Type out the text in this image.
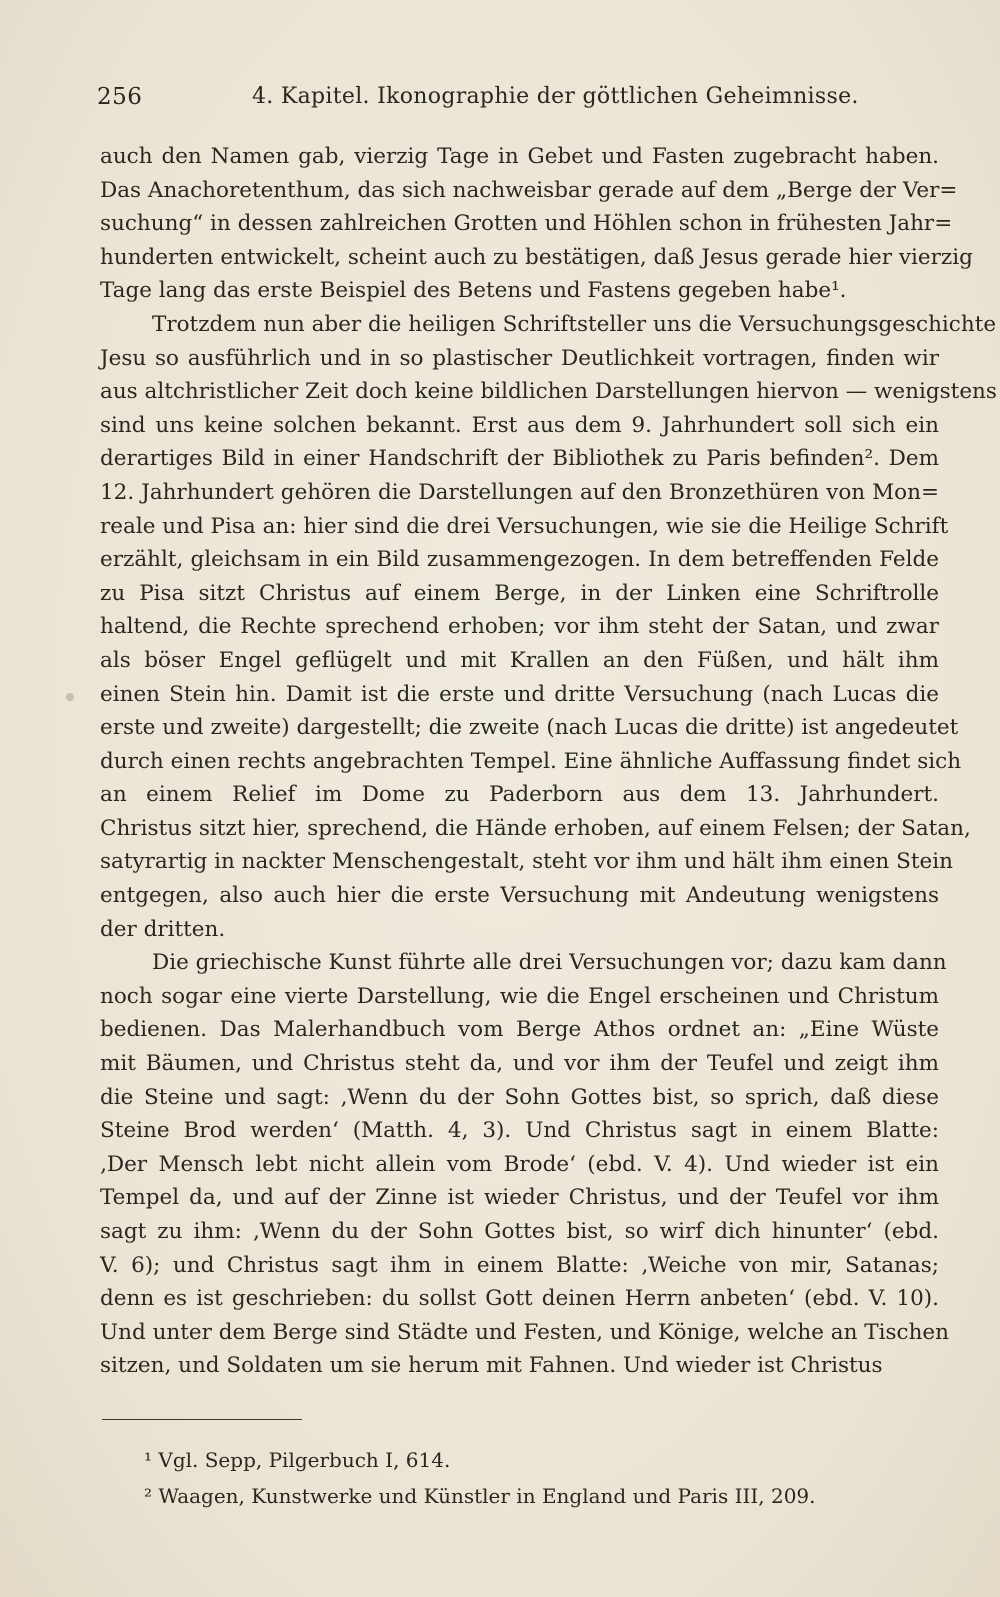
256	4. Kapitel. Ikonographie der göttlichen Geheimnisse.

auch den Namen gab, vierzig Tage in Gebet und Fasten zugebracht haben.
Das Anachoretenthum, das sich nachweisbar gerade auf dem „Berge der Ver=
suchung“ in dessen zahlreichen Grotten und Höhlen schon in frühesten Jahr=
hunderten entwickelt, scheint auch zu bestätigen, daß Jesus gerade hier vierzig
Tage lang das erste Beispiel des Betens und Fastens gegeben habe¹.

Trotzdem nun aber die heiligen Schriftsteller uns die Versuchungsgeschichte
Jesu so ausführlich und in so plastischer Deutlichkeit vortragen, finden wir
aus altchristlicher Zeit doch keine bildlichen Darstellungen hiervon — wenigstens
sind uns keine solchen bekannt. Erst aus dem 9. Jahrhundert soll sich ein
derartiges Bild in einer Handschrift der Bibliothek zu Paris befinden². Dem
12. Jahrhundert gehören die Darstellungen auf den Bronzethüren von Mon=
reale und Pisa an: hier sind die drei Versuchungen, wie sie die Heilige Schrift
erzählt, gleichsam in ein Bild zusammengezogen. In dem betreffenden Felde
zu Pisa sitzt Christus auf einem Berge, in der Linken eine Schriftrolle
haltend, die Rechte sprechend erhoben; vor ihm steht der Satan, und zwar
als böser Engel geflügelt und mit Krallen an den Füßen, und hält ihm
einen Stein hin. Damit ist die erste und dritte Versuchung (nach Lucas die
erste und zweite) dargestellt; die zweite (nach Lucas die dritte) ist angedeutet
durch einen rechts angebrachten Tempel. Eine ähnliche Auffassung findet sich
an einem Relief im Dome zu Paderborn aus dem 13. Jahrhundert.
Christus sitzt hier, sprechend, die Hände erhoben, auf einem Felsen; der Satan,
satyrartig in nackter Menschengestalt, steht vor ihm und hält ihm einen Stein
entgegen, also auch hier die erste Versuchung mit Andeutung wenigstens
der dritten.

Die griechische Kunst führte alle drei Versuchungen vor; dazu kam dann
noch sogar eine vierte Darstellung, wie die Engel erscheinen und Christum
bedienen. Das Malerhandbuch vom Berge Athos ordnet an: „Eine Wüste
mit Bäumen, und Christus steht da, und vor ihm der Teufel und zeigt ihm
die Steine und sagt: ‚Wenn du der Sohn Gottes bist, so sprich, daß diese
Steine Brod werden‘ (Matth. 4, 3). Und Christus sagt in einem Blatte:
‚Der Mensch lebt nicht allein vom Brode‘ (ebd. V. 4). Und wieder ist ein
Tempel da, und auf der Zinne ist wieder Christus, und der Teufel vor ihm
sagt zu ihm: ‚Wenn du der Sohn Gottes bist, so wirf dich hinunter‘ (ebd.
V. 6); und Christus sagt ihm in einem Blatte: ‚Weiche von mir, Satanas;
denn es ist geschrieben: du sollst Gott deinen Herrn anbeten‘ (ebd. V. 10).
Und unter dem Berge sind Städte und Festen, und Könige, welche an Tischen
sitzen, und Soldaten um sie herum mit Fahnen. Und wieder ist Christus

¹ Vgl. Sepp, Pilgerbuch I, 614.
² Waagen, Kunstwerke und Künstler in England und Paris III, 209.
